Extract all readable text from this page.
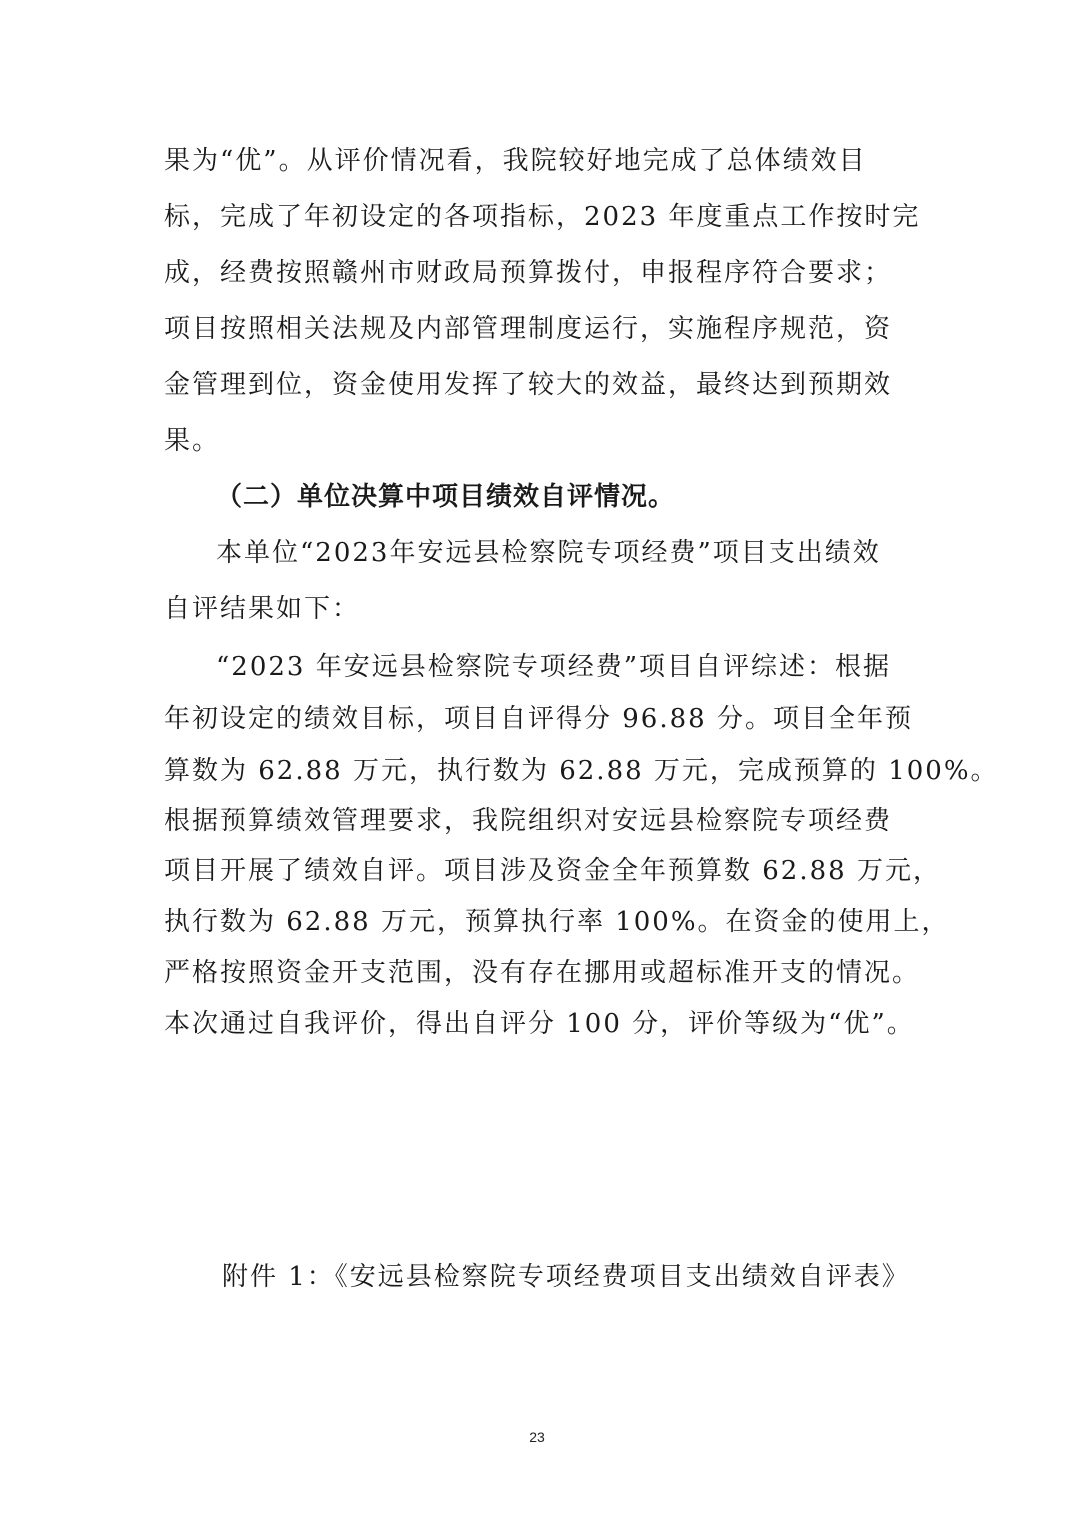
果为“优”。从评价情况看，我院较好地完成了总体绩效目
标，完成了年初设定的各项指标，2023 年度重点工作按时完
成，经费按照赣州市财政局预算拨付，申报程序符合要求；
项目按照相关法规及内部管理制度运行，实施程序规范，资
金管理到位，资金使用发挥了较大的效益，最终达到预期效
果。
（二）单位决算中项目绩效自评情况。
本单位“2023年安远县检察院专项经费”项目支出绩效
自评结果如下：
“2023 年安远县检察院专项经费”项目自评综述：根据
年初设定的绩效目标，项目自评得分 96.88 分。项目全年预
算数为 62.88 万元，执行数为 62.88 万元，完成预算的 100%。
根据预算绩效管理要求，我院组织对安远县检察院专项经费
项目开展了绩效自评。项目涉及资金全年预算数 62.88 万元，
执行数为 62.88 万元，预算执行率 100%。在资金的使用上，
严格按照资金开支范围，没有存在挪用或超标准开支的情况。
本次通过自我评价，得出自评分 100 分，评价等级为“优”。
附件 1：《安远县检察院专项经费项目支出绩效自评表》
23
